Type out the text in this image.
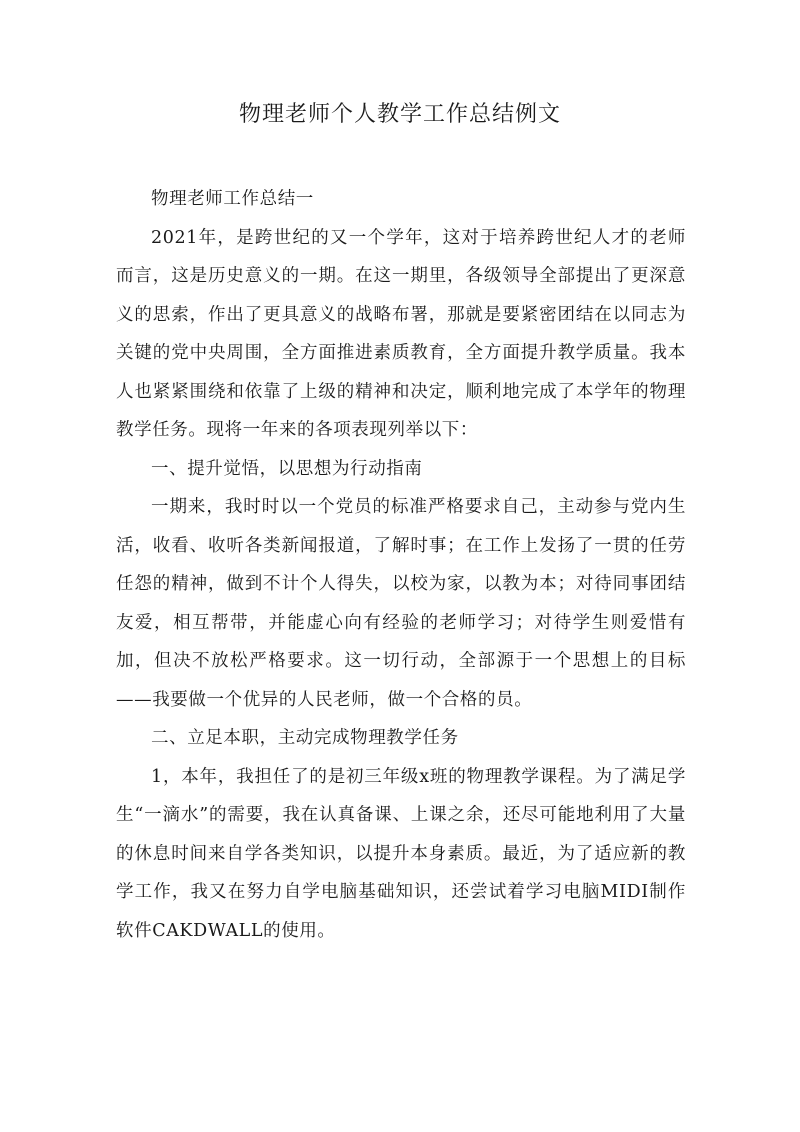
物理老师个人教学工作总结例文

物理老师工作总结一

2021年，是跨世纪的又一个学年，这对于培养跨世纪人才的老师而言，这是历史意义的一期。在这一期里，各级领导全部提出了更深意义的思索，作出了更具意义的战略布署，那就是要紧密团结在以同志为关键的党中央周围，全方面推进素质教育，全方面提升教学质量。我本人也紧紧围绕和依靠了上级的精神和决定，顺利地完成了本学年的物理教学任务。现将一年来的各项表现列举以下：

一、提升觉悟，以思想为行动指南

一期来，我时时以一个党员的标准严格要求自己，主动参与党内生活，收看、收听各类新闻报道，了解时事；在工作上发扬了一贯的任劳任怨的精神，做到不计个人得失，以校为家，以教为本；对待同事团结友爱，相互帮带，并能虚心向有经验的老师学习；对待学生则爱惜有加，但决不放松严格要求。这一切行动，全部源于一个思想上的目标——我要做一个优异的人民老师，做一个合格的员。

二、立足本职，主动完成物理教学任务

1，本年，我担任了的是初三年级x班的物理教学课程。为了满足学生“一滴水”的需要，我在认真备课、上课之余，还尽可能地利用了大量的休息时间来自学各类知识，以提升本身素质。最近，为了适应新的教学工作，我又在努力自学电脑基础知识，还尝试着学习电脑MIDI制作软件CAKDWALL的使用。
